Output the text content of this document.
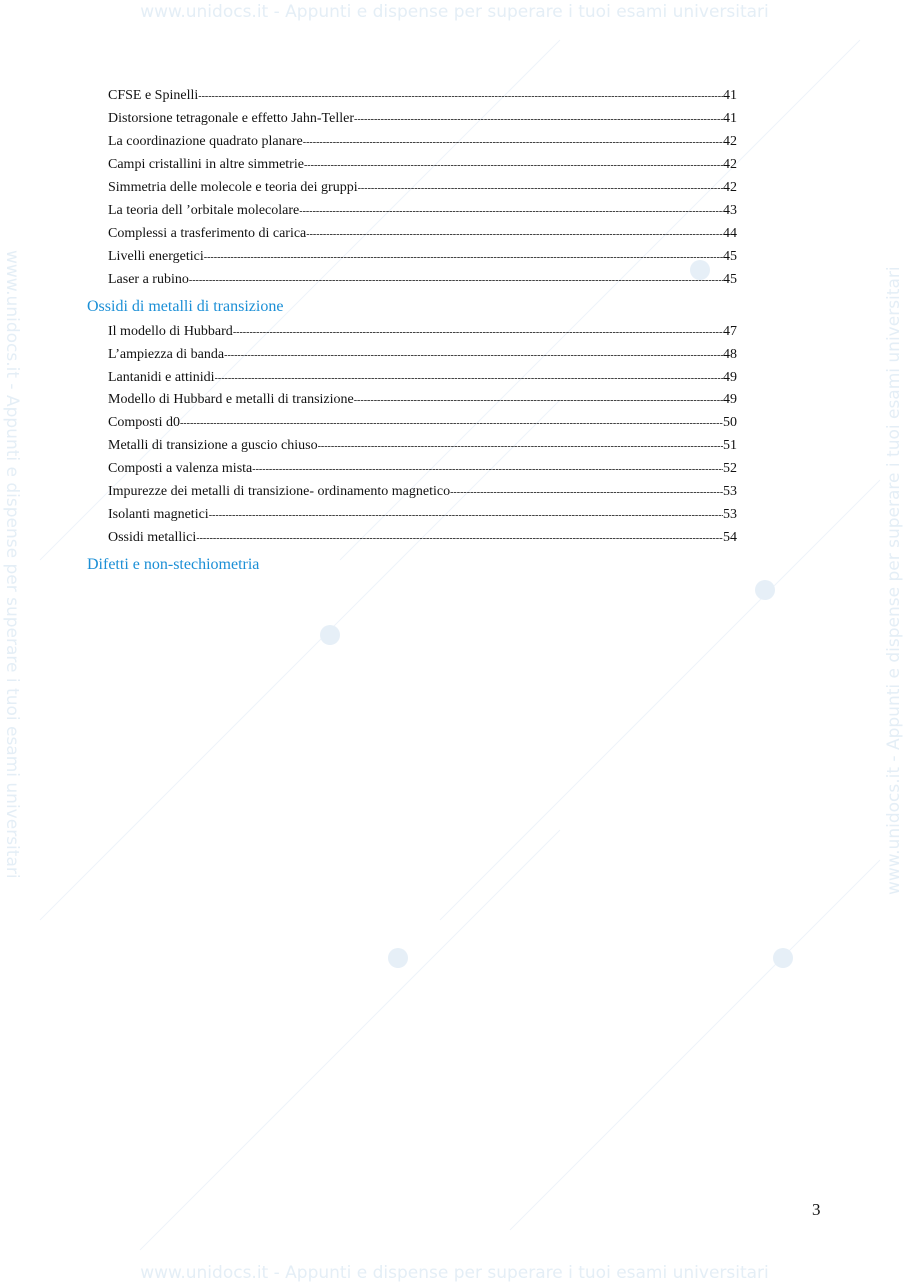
www.unidocs.it - Appunti e dispense per superare i tuoi esami universitari
www.unidocs.it - Appunti e dispense per superare i tuoi esami universitari
www.unidocs.it - Appunti e dispense per superare i tuoi esami universitari	www.unidocs.it - Appunti e dispense per superare i tuoi esami universitari
CFSE e Spinelli -----	41
Distorsione tetragonale e effetto Jahn-Teller -----	41
La coordinazione quadrato planare -----	42
Campi cristallini in altre simmetrie -----	42
Simmetria delle molecole e teoria dei gruppi -----	42
La teoria dell ’orbitale molecolare -----	43
Complessi a trasferimento di carica -----	44
Livelli energetici -----	45
Laser a rubino -----	45
Ossidi di metalli di transizione
Il modello di Hubbard -----	47
L’ampiezza di banda -----	48
Lantanidi e attinidi -----	49
Modello di Hubbard e metalli di transizione -----	49
Composti d0 -----	50
Metalli di transizione a guscio chiuso -----	51
Composti a valenza mista -----	52
Impurezze dei metalli di transizione- ordinamento magnetico -----	53
Isolanti magnetici -----	53
Ossidi metallici -----	54
Difetti e non-stechiometria
3
